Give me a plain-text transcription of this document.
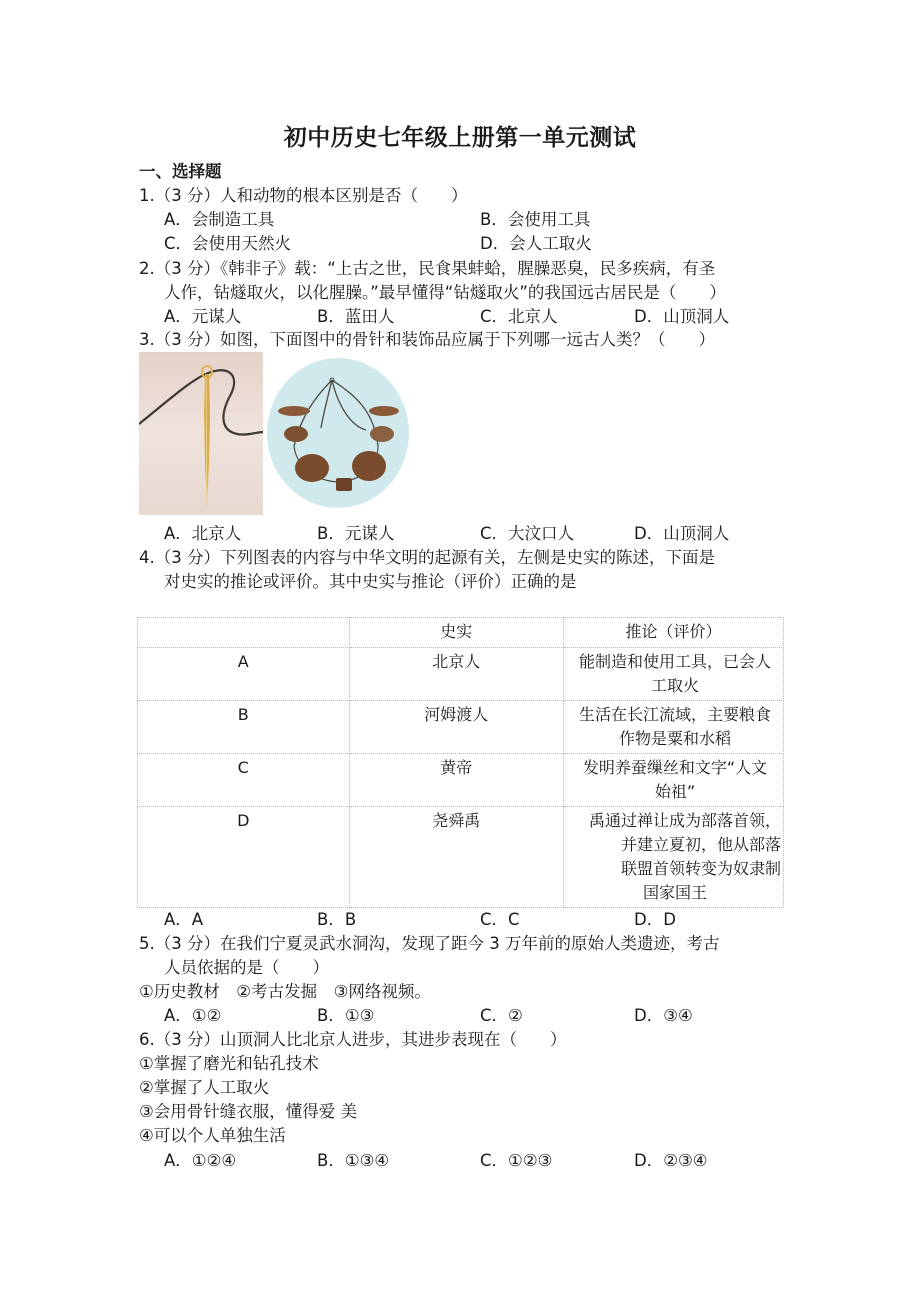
初中历史七年级上册第一单元测试
一、选择题
1.（3 分）人和动物的根本区别是否（　　）
A．会制造工具	B．会使用工具
C．会使用天然火	D．会人工取火
2.（3 分）《韩非子》载：“上古之世，民食果蚌蛤，腥臊恶臭，民多疾病，有圣
人作，钻燧取火，以化腥臊。”最早懂得“钻燧取火”的我国远古居民是（　　）
A．元谋人	B．蓝田人	C．北京人	D．山顶洞人
3.（3 分）如图，下面图中的骨针和装饰品应属于下列哪一远古人类？（　　）
A．北京人	B．元谋人	C．大汶口人	D．山顶洞人
4.（3 分）下列图表的内容与中华文明的起源有关，左侧是史实的陈述，下面是
对史实的推论或评价。其中史实与推论（评价）正确的是
	史实	推论（评价）
A	北京人	能制造和使用工具，已会人
工取火

B	河姆渡人	生活在长江流域，主要粮食
作物是粟和水稻

C	黄帝	发明养蚕缫丝和文字“人文
始祖”

D	尧舜禹	禹通过禅让成为部落首领，
并建立夏初，他从部落
联盟首领转变为奴隶制
国家国王
A．A	B．B	C．C	D．D
5.（3 分）在我们宁夏灵武水洞沟，发现了距今 3 万年前的原始人类遗迹，考古
人员依据的是（　　）
①历史教材　②考古发掘　③网络视频。
A．①②	B．①③	C．②	D．③④
6.（3 分）山顶洞人比北京人进步，其进步表现在（　　）
①掌握了磨光和钻孔技术
②掌握了人工取火
③会用骨针缝衣服，懂得爱 美
④可以个人单独生活
A．①②④	B．①③④	C．①②③	D．②③④
